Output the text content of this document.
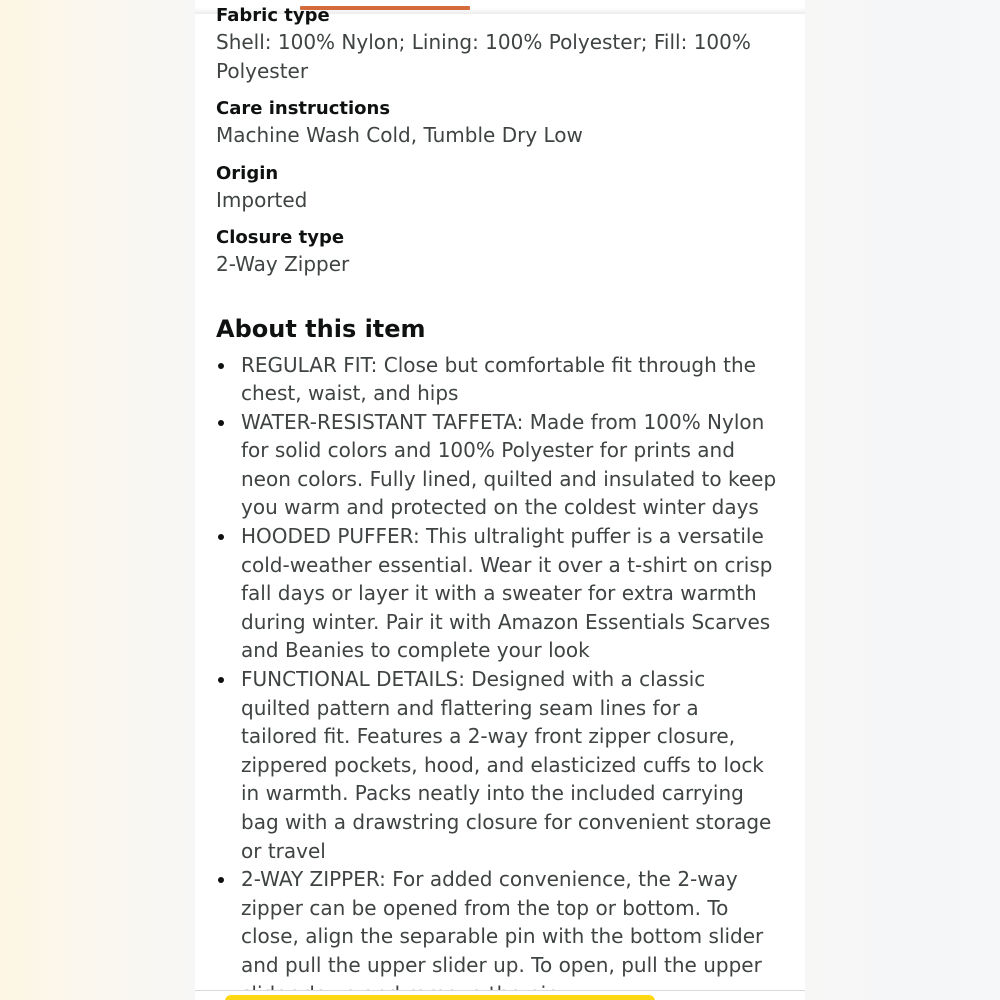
Fabric type
Shell: 100% Nylon; Lining: 100% Polyester; Fill: 100% Polyester
Care instructions
Machine Wash Cold, Tumble Dry Low
Origin
Imported
Closure type
2-Way Zipper
About this item
REGULAR FIT: Close but comfortable fit through the chest, waist, and hips
WATER-RESISTANT TAFFETA: Made from 100% Nylon for solid colors and 100% Polyester for prints and neon colors. Fully lined, quilted and insulated to keep you warm and protected on the coldest winter days
HOODED PUFFER: This ultralight puffer is a versatile cold-weather essential. Wear it over a t-shirt on crisp fall days or layer it with a sweater for extra warmth during winter. Pair it with Amazon Essentials Scarves and Beanies to complete your look
FUNCTIONAL DETAILS: Designed with a classic quilted pattern and flattering seam lines for a tailored fit. Features a 2-way front zipper closure, zippered pockets, hood, and elasticized cuffs to lock in warmth. Packs neatly into the included carrying bag with a drawstring closure for convenient storage or travel
2-WAY ZIPPER: For added convenience, the 2-way zipper can be opened from the top or bottom. To close, align the separable pin with the bottom slider and pull the upper slider up. To open, pull the upper
